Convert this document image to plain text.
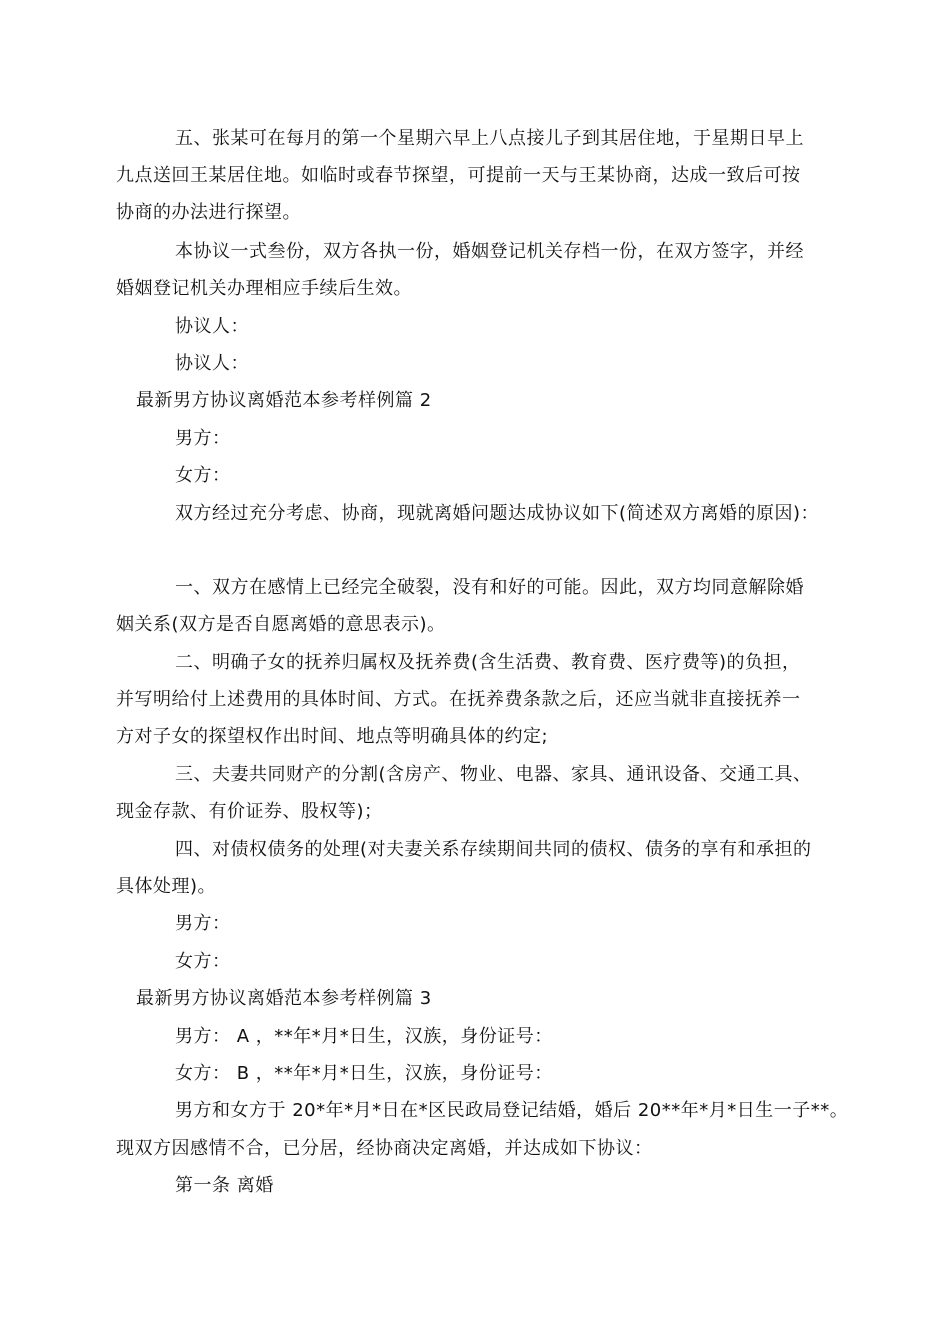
五、张某可在每月的第一个星期六早上八点接儿子到其居住地，于星期日早上
九点送回王某居住地。如临时或春节探望，可提前一天与王某协商，达成一致后可按
协商的办法进行探望。
本协议一式叁份，双方各执一份，婚姻登记机关存档一份，在双方签字，并经
婚姻登记机关办理相应手续后生效。
协议人：
协议人：
最新男方协议离婚范本参考样例篇 2
男方：
女方：
双方经过充分考虑、协商，现就离婚问题达成协议如下(简述双方离婚的原因)：
一、双方在感情上已经完全破裂，没有和好的可能。因此，双方均同意解除婚
姻关系(双方是否自愿离婚的意思表示)。
二、明确子女的抚养归属权及抚养费(含生活费、教育费、医疗费等)的负担，
并写明给付上述费用的具体时间、方式。在抚养费条款之后，还应当就非直接抚养一
方对子女的探望权作出时间、地点等明确具体的约定;
三、夫妻共同财产的分割(含房产、物业、电器、家具、通讯设备、交通工具、
现金存款、有价证券、股权等)；
四、对债权债务的处理(对夫妻关系存续期间共同的债权、债务的享有和承担的
具体处理)。
男方：
女方：
最新男方协议离婚范本参考样例篇 3
男方： A ，**年*月*日生，汉族，身份证号：
女方： B ，**年*月*日生，汉族，身份证号：
男方和女方于 20*年*月*日在*区民政局登记结婚，婚后 20**年*月*日生一子**。
现双方因感情不合，已分居，经协商决定离婚，并达成如下协议：
第一条 离婚
